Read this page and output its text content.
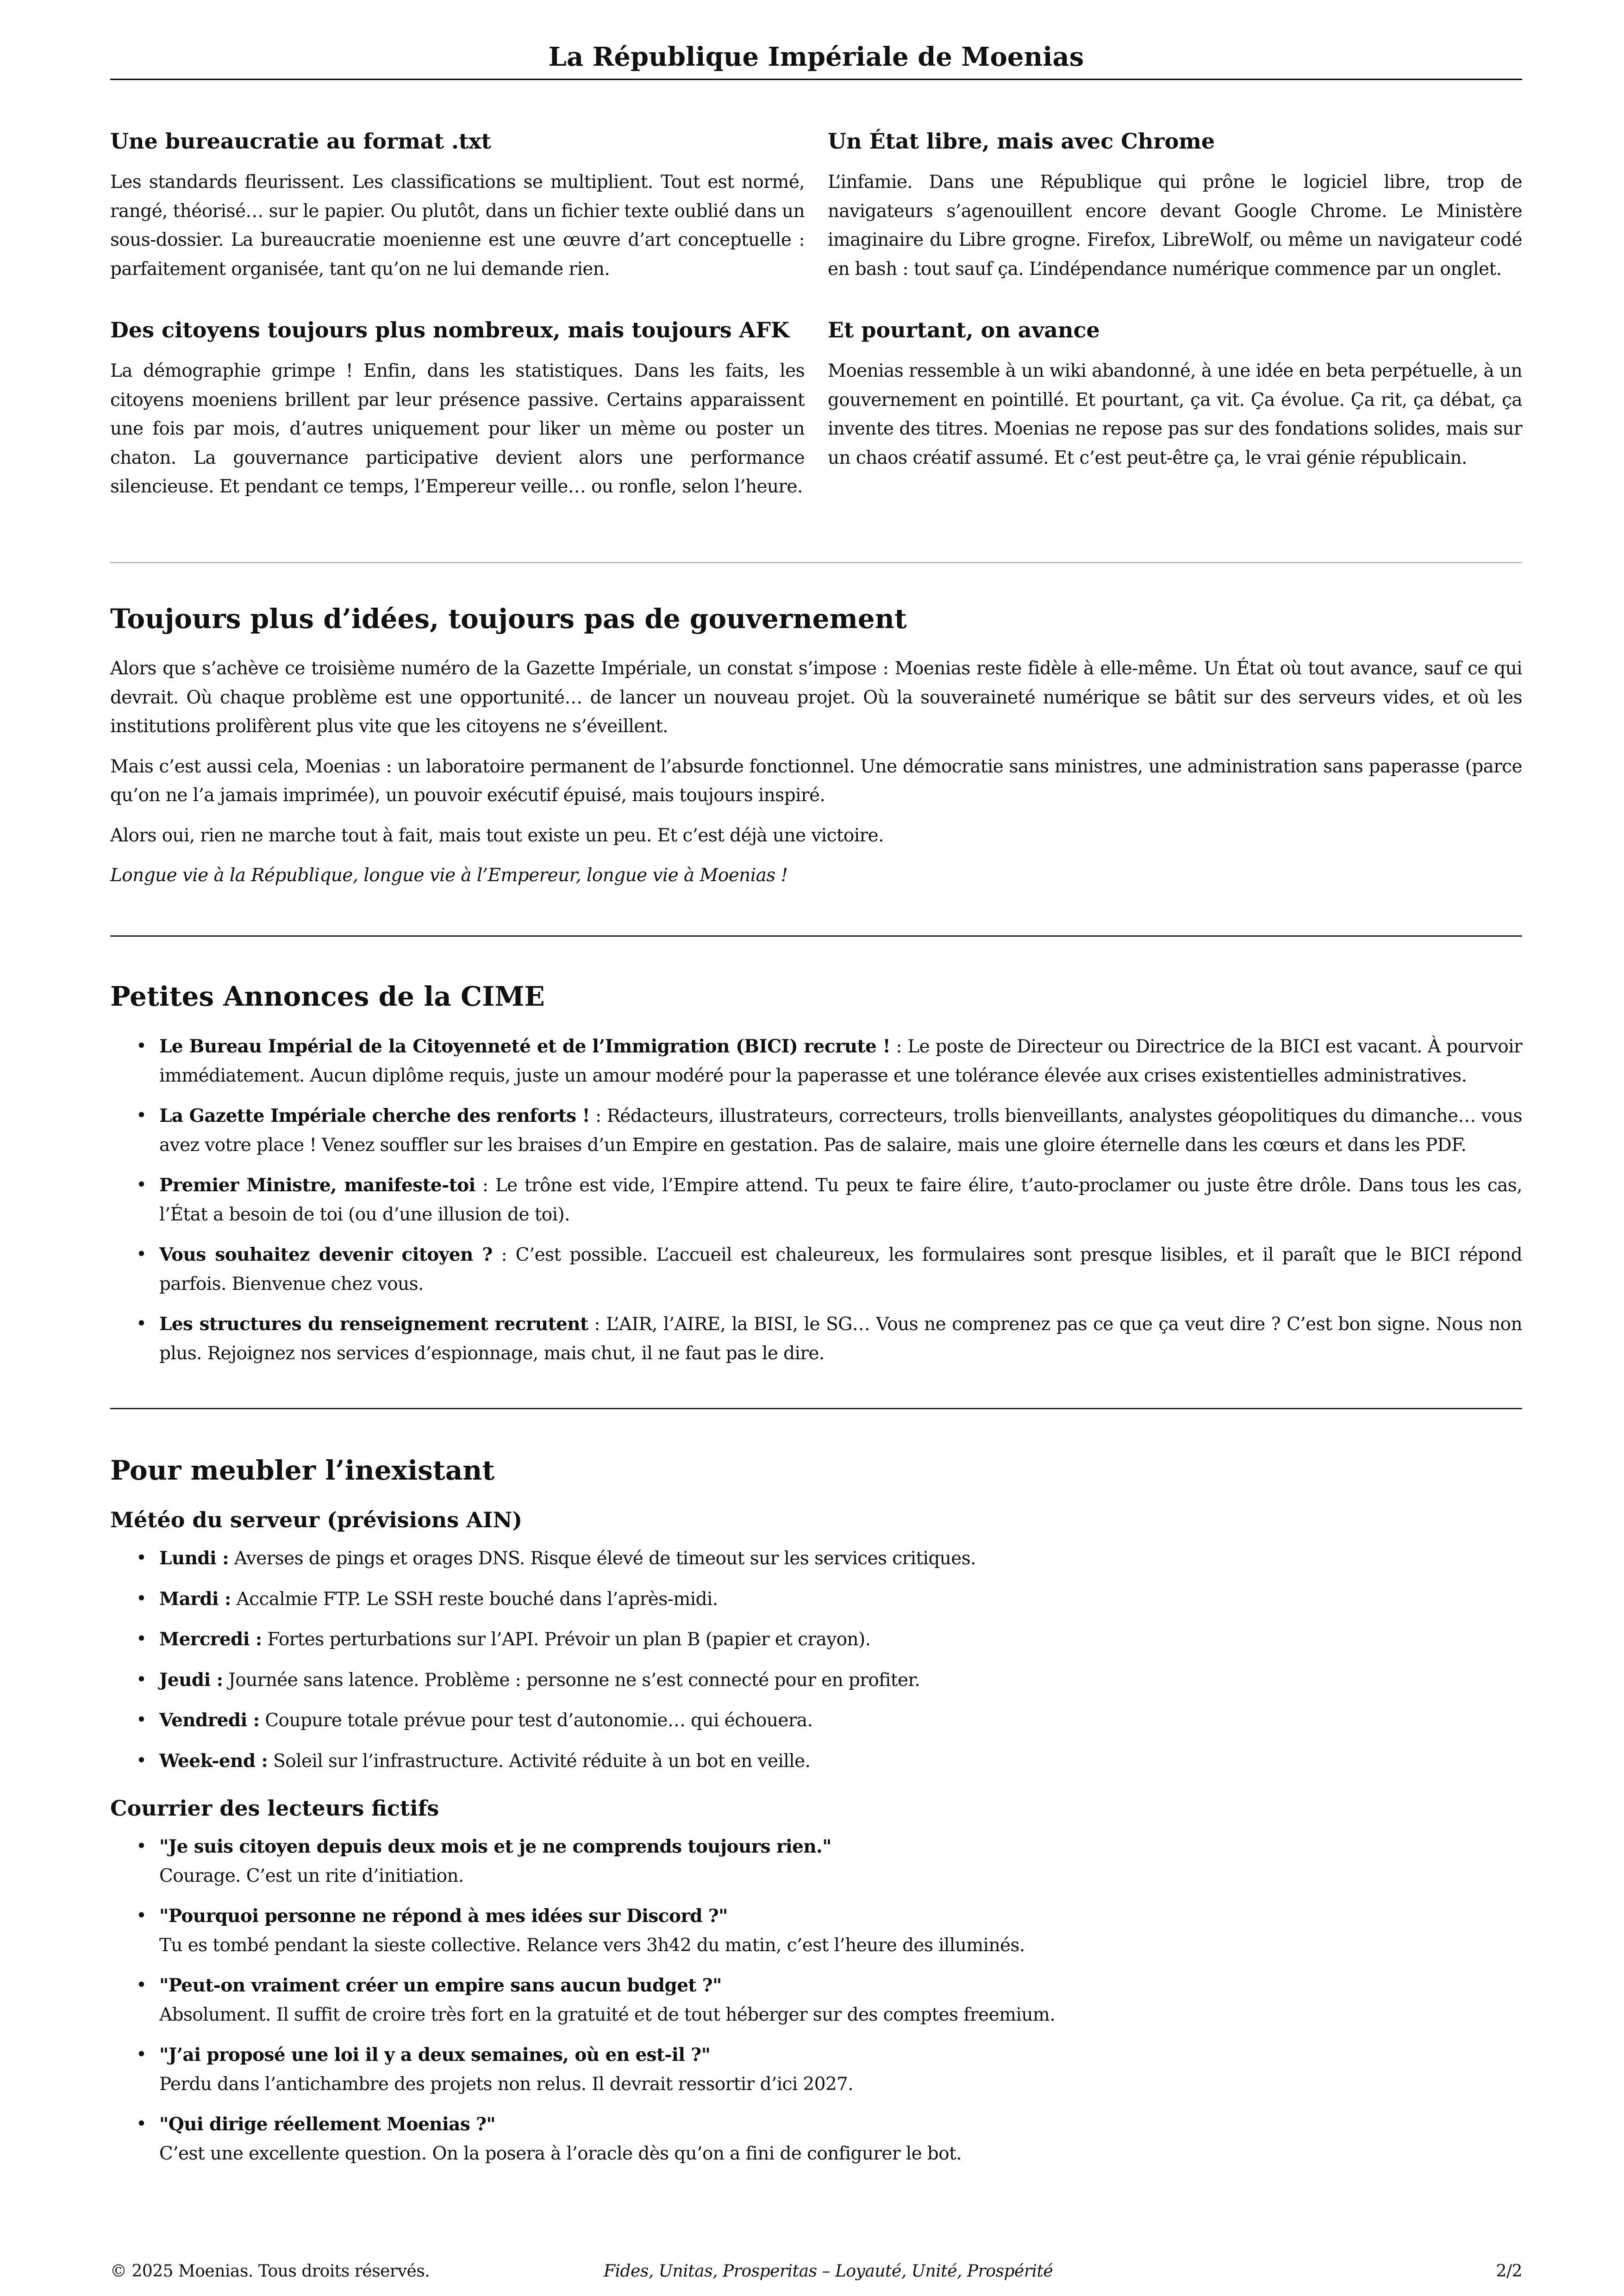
La République Impériale de Moenias
Une bureaucratie au format .txt

Les standards fleurissent. Les classifications se multiplient. Tout est normé, rangé, théorisé… sur le papier. Ou plutôt, dans un fichier texte oublié dans un sous-dossier. La bureaucratie moenienne est une œuvre d’art conceptuelle : parfaitement organisée, tant qu’on ne lui demande rien.

Des citoyens toujours plus nombreux, mais toujours AFK

La démographie grimpe ! Enfin, dans les statistiques. Dans les faits, les citoyens moeniens brillent par leur présence passive. Certains apparaissent une fois par mois, d’autres uniquement pour liker un mème ou poster un chaton. La gouvernance participative devient alors une performance silencieuse. Et pendant ce temps, l’Empereur veille… ou ronfle, selon l’heure.

Un État libre, mais avec Chrome

L’infamie. Dans une République qui prône le logiciel libre, trop de navigateurs s’agenouillent encore devant Google Chrome. Le Ministère imaginaire du Libre grogne. Firefox, LibreWolf, ou même un navigateur codé en bash : tout sauf ça. L’indépendance numérique commence par un onglet.

Et pourtant, on avance

Moenias ressemble à un wiki abandonné, à une idée en beta perpétuelle, à un gouvernement en pointillé. Et pourtant, ça vit. Ça évolue. Ça rit, ça débat, ça invente des titres. Moenias ne repose pas sur des fondations solides, mais sur un chaos créatif assumé. Et c’est peut-être ça, le vrai génie républicain.

Toujours plus d’idées, toujours pas de gouvernement

Alors que s’achève ce troisième numéro de la Gazette Impériale, un constat s’impose : Moenias reste fidèle à elle-même. Un État où tout avance, sauf ce qui devrait. Où chaque problème est une opportunité… de lancer un nouveau projet. Où la souveraineté numérique se bâtit sur des serveurs vides, et où les institutions prolifèrent plus vite que les citoyens ne s’éveillent.

Mais c’est aussi cela, Moenias : un laboratoire permanent de l’absurde fonctionnel. Une démocratie sans ministres, une administration sans paperasse (parce qu’on ne l’a jamais imprimée), un pouvoir exécutif épuisé, mais toujours inspiré.

Alors oui, rien ne marche tout à fait, mais tout existe un peu. Et c’est déjà une victoire.

Longue vie à la République, longue vie à l’Empereur, longue vie à Moenias !

Petites Annonces de la CIME
• Le Bureau Impérial de la Citoyenneté et de l’Immigration (BICI) recrute ! : Le poste de Directeur ou Directrice de la BICI est vacant. À pourvoir immédiatement. Aucun diplôme requis, juste un amour modéré pour la paperasse et une tolérance élevée aux crises existentielles administratives.
• La Gazette Impériale cherche des renforts ! : Rédacteurs, illustrateurs, correcteurs, trolls bienveillants, analystes géopolitiques du dimanche… vous avez votre place ! Venez souffler sur les braises d’un Empire en gestation. Pas de salaire, mais une gloire éternelle dans les cœurs et dans les PDF.
• Premier Ministre, manifeste-toi : Le trône est vide, l’Empire attend. Tu peux te faire élire, t’auto-proclamer ou juste être drôle. Dans tous les cas, l’État a besoin de toi (ou d’une illusion de toi).
• Vous souhaitez devenir citoyen ? : C’est possible. L’accueil est chaleureux, les formulaires sont presque lisibles, et il paraît que le BICI répond parfois. Bienvenue chez vous.
• Les structures du renseignement recrutent : L’AIR, l’AIRE, la BISI, le SG… Vous ne comprenez pas ce que ça veut dire ? C’est bon signe. Nous non plus. Rejoignez nos services d’espionnage, mais chut, il ne faut pas le dire.
Pour meubler l’inexistant
Météo du serveur (prévisions AIN)
• Lundi : Averses de pings et orages DNS. Risque élevé de timeout sur les services critiques.
• Mardi : Accalmie FTP. Le SSH reste bouché dans l’après-midi.
• Mercredi : Fortes perturbations sur l’API. Prévoir un plan B (papier et crayon).
• Jeudi : Journée sans latence. Problème : personne ne s’est connecté pour en profiter.
• Vendredi : Coupure totale prévue pour test d’autonomie… qui échouera.
• Week-end : Soleil sur l’infrastructure. Activité réduite à un bot en veille.
Courrier des lecteurs fictifs
• "Je suis citoyen depuis deux mois et je ne comprends toujours rien."
Courage. C’est un rite d’initiation.
• "Pourquoi personne ne répond à mes idées sur Discord ?"
Tu es tombé pendant la sieste collective. Relance vers 3h42 du matin, c’est l’heure des illuminés.
• "Peut-on vraiment créer un empire sans aucun budget ?"
Absolument. Il suffit de croire très fort en la gratuité et de tout héberger sur des comptes freemium.
• "J’ai proposé une loi il y a deux semaines, où en est-il ?"
Perdu dans l’antichambre des projets non relus. Il devrait ressortir d’ici 2027.
• "Qui dirige réellement Moenias ?"
C’est une excellente question. On la posera à l’oracle dès qu’on a fini de configurer le bot.
© 2025 Moenias. Tous droits réservés.	Fides, Unitas, Prosperitas – Loyauté, Unité, Prospérité	2/2
